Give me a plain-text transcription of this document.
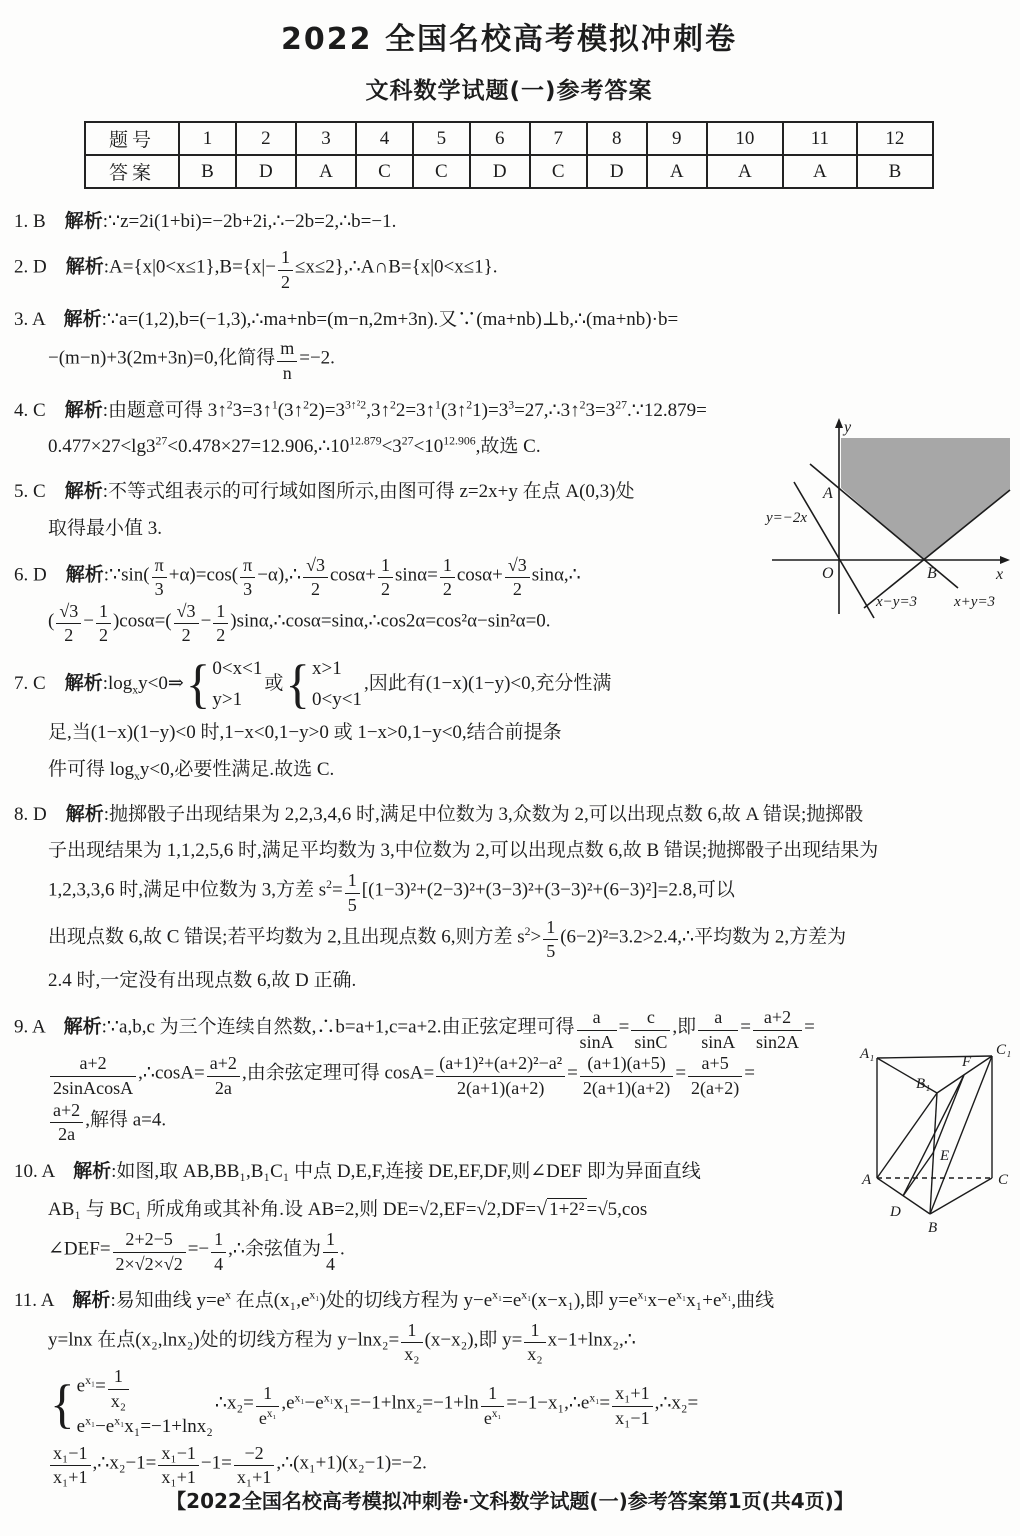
2022 全国名校高考模拟冲刺卷
文科数学试题(一)参考答案
题号	1	2	3	4	5	6	7	8	9	10	11	12
答案	B	D	A	C	C	D	C	D	A	A	A	B
1. B　解析:∵z=2i(1+bi)=−2b+2i,∴−2b=2,∴b=−1.
2. D　解析:A={x|0<x≤1},B={x|− $\frac{1}{2}$ ≤x≤2},∴A∩B={x|0<x≤1}.
3. A　解析:∵a=(1,2),b=(−1,3),∴ma+nb=(m−n,2m+3n).又∵(ma+nb)⊥b,∴(ma+nb)·b=
−(m−n)+3(2m+3n)=0,化简得 $\frac{m}{n} =-2$.
4. C　解析:由题意可得 $3↑^23=3↑^1(3↑^22)=3^{3↑^22},3↑^22=3↑^1(3↑^21)=3^3=27,\therefore 3↑^23=3^{27}.\because 12.879=$
$0.477\times 27<\lg 3^{27}<0.478\times 27=12.906,\therefore 10^{12.879}<3^{27}<10^{12.906}$,故选 C.
5. C　解析:不等式组表示的可行域如图所示,由图可得 z=2x+y 在点 A(0,3)处
取得最小值 3.
6. D　解析:∵sin( $\frac{\pi}{3} +\alpha)=\cos( \frac{\pi}{3}$ −α),∴ $\frac{√3}{2} \cos\alpha+ \frac{1}{2} \sin\alpha= \frac{1}{2} \cos\alpha+ \frac{√3}{2}$ sinα,∴
( $\frac{√3}{2} - \frac{1}{2} )\cos\alpha=( \frac{√3}{2} - \frac{1}{2}$ )sinα,∴cosα=sinα,∴cos2α=cos²α−sin²α=0.
7. C　解析$:\log_xy<0\Rightarrow${ 0<x<1
y>1
或{ x>1
0<y<1
,因此有(1−x)(1−y)<0,充分性满
足,当(1−x)(1−y)<0 时,1−x<0,1−y>0 或 1−x>0,1−y<0,结合前提条
件可得 $\log_xy<0$,必要性满足.故选 C.
8. D　解析:抛掷骰子出现结果为 2,2,3,4,6 时,满足中位数为 3,众数为 2,可以出现点数 6,故 A 错误;抛掷骰
子出现结果为 1,1,2,5,6 时,满足平均数为 3,中位数为 2,可以出现点数 6,故 B 错误;抛掷骰子出现结果为
1,2,3,3,6 时,满足中位数为 3,方差 $s^2= \frac{1}{5} [(1-3)^2+(2-3)^2+(3-3)^2+(3-3)^2+(6-3)^2]=2.8$,可以
出现点数 6,故 C 错误;若平均数为 2,且出现点数 6,则方差 $s^2> \frac{1}{5}$ (6−2)²=3.2>2.4,∴平均数为 2,方差为
2.4 时,一定没有出现点数 6,故 D 正确.
9. A　解析:∵a,b,c 为三个连续自然数,∴b=a+1,c=a+2.由正弦定理可得 $\frac{a}{\sin A} = \frac{c}{\sin C}$ ,即 $\frac{a}{\sin A} = \frac{a+2}{\sin 2A}$ =
$\frac{a+2}{\text{2sinAcosA}}$ ,∴cosA= $\frac{a+2}{2a}$ ,由余弦定理可得 $\cos A= \frac{\text{(a+1)²+(a+2)²−a²}}{2(a+1)(a+2)} = \frac{(a+1)(a+5)}{2(a+1)(a+2)} = \frac{a+5}{2(a+2)}$ =
$\frac{a+2}{2a}$ ,解得 a=4.
10. A　解析:如图,取 AB,BB₁,B₁C₁ 中点 D,E,F,连接 DE,EF,DF,则∠DEF 即为异面直线
AB₁ 与 BC₁ 所成角或其补角.设 AB=2,则 DE=√2,EF=√2,DF=√ 1+2² =√5,cos
∠DEF= $\frac{2+2-5}{2\times√2\times√2} =- \frac{1}{4}$ ,∴余弦值为 $\frac{1}{4}$ .
11. A　解析:易知曲线 $y=e^x$ 在点$(x_1,e^{x_1})$处的切线方程为 $y-e^{x_1}=e^{x_1}(x-x_1)$,即 $y=e^{x_1}x-e^{x_1}x_1+e^{x_1}$,曲线
y=lnx 在点(x₂,lnx₂)处的切线方程为 $y-\ln x_2= \frac{1}{\text{x₂}} (x-x_2)$,即 $y= \frac{1}{\text{x₂}}$ x−1+lnx₂,∴
{ $e^{x_1}= \frac{1}{\text{x₂}}$
$e^{x_1}-e^{x_1}x_1=-1+\ln x_2$
∴x₂= $\frac{1}{e^{x_1}} ,e^{x_1}-e^{x_1}x_1=-1+\ln x_2=-1+\ln \frac{1}{e^{x_1}}$ $=-1-x_1,\therefore e^{x_1}= \frac{\text{x₁+1}}{\text{x₁−1}}$ ,∴x₂=
$\frac{\text{x₁−1}}{\text{x₁+1}}$ ,∴x₂−1= $\frac{\text{x₁−1}}{\text{x₁+1}} -1= \frac{-2}{\text{x₁+1}}$ ,∴(x₁+1)(x₂−1)=−2.
y
x
O
A
B
y=−2x
x−y=3 x+y=3
A₁	C₁
B₁
F
A	C
B
D
E
【2022全国名校高考模拟冲刺卷·文科数学试题(一)参考答案第1页(共4页)】
